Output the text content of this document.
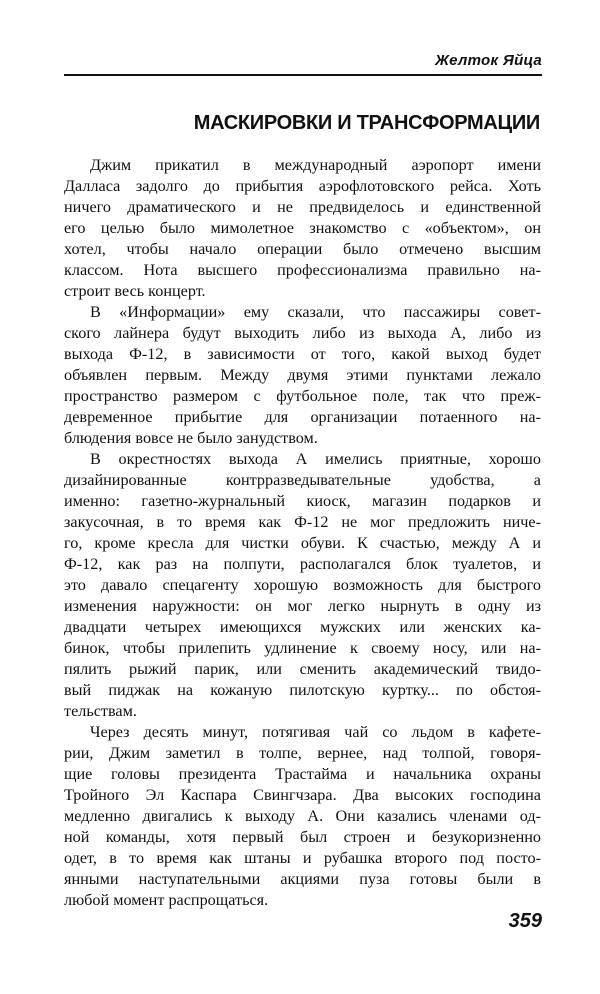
Желток Яйца
МАСКИРОВКИ И ТРАНСФОРМАЦИИ
Джим прикатил в международный аэропорт имени
Далласа задолго до прибытия аэрофлотовского рейса. Хоть
ничего драматического и не предвиделось и единственной
его целью было мимолетное знакомство с «объектом», он
хотел, чтобы начало операции было отмечено высшим
классом. Нота высшего профессионализма правильно на-
строит весь концерт.
В «Информации» ему сказали, что пассажиры совет-
ского лайнера будут выходить либо из выхода А, либо из
выхода Ф-12, в зависимости от того, какой выход будет
объявлен первым. Между двумя этими пунктами лежало
пространство размером с футбольное поле, так что преж-
девременное прибытие для организации потаенного на-
блюдения вовсе не было занудством.
В окрестностях выхода А имелись приятные, хорошо
дизайнированные контрразведывательные удобства, а
именно: газетно-журнальный киоск, магазин подарков и
закусочная, в то время как Ф-12 не мог предложить ниче-
го, кроме кресла для чистки обуви. К счастью, между А и
Ф-12, как раз на полпути, располагался блок туалетов, и
это давало спецагенту хорошую возможность для быстрого
изменения наружности: он мог легко нырнуть в одну из
двадцати четырех имеющихся мужских или женских ка-
бинок, чтобы прилепить удлинение к своему носу, или на-
пялить рыжий парик, или сменить академический твидо-
вый пиджак на кожаную пилотскую куртку... по обстоя-
тельствам.
Через десять минут, потягивая чай со льдом в кафете-
рии, Джим заметил в толпе, вернее, над толпой, говоря-
щие головы президента Трастайма и начальника охраны
Тройного Эл Каспара Свингчзара. Два высоких господина
медленно двигались к выходу А. Они казались членами од-
ной команды, хотя первый был строен и безукоризненно
одет, в то время как штаны и рубашка второго под посто-
янными наступательными акциями пуза готовы были в
любой момент распрощаться.
359
